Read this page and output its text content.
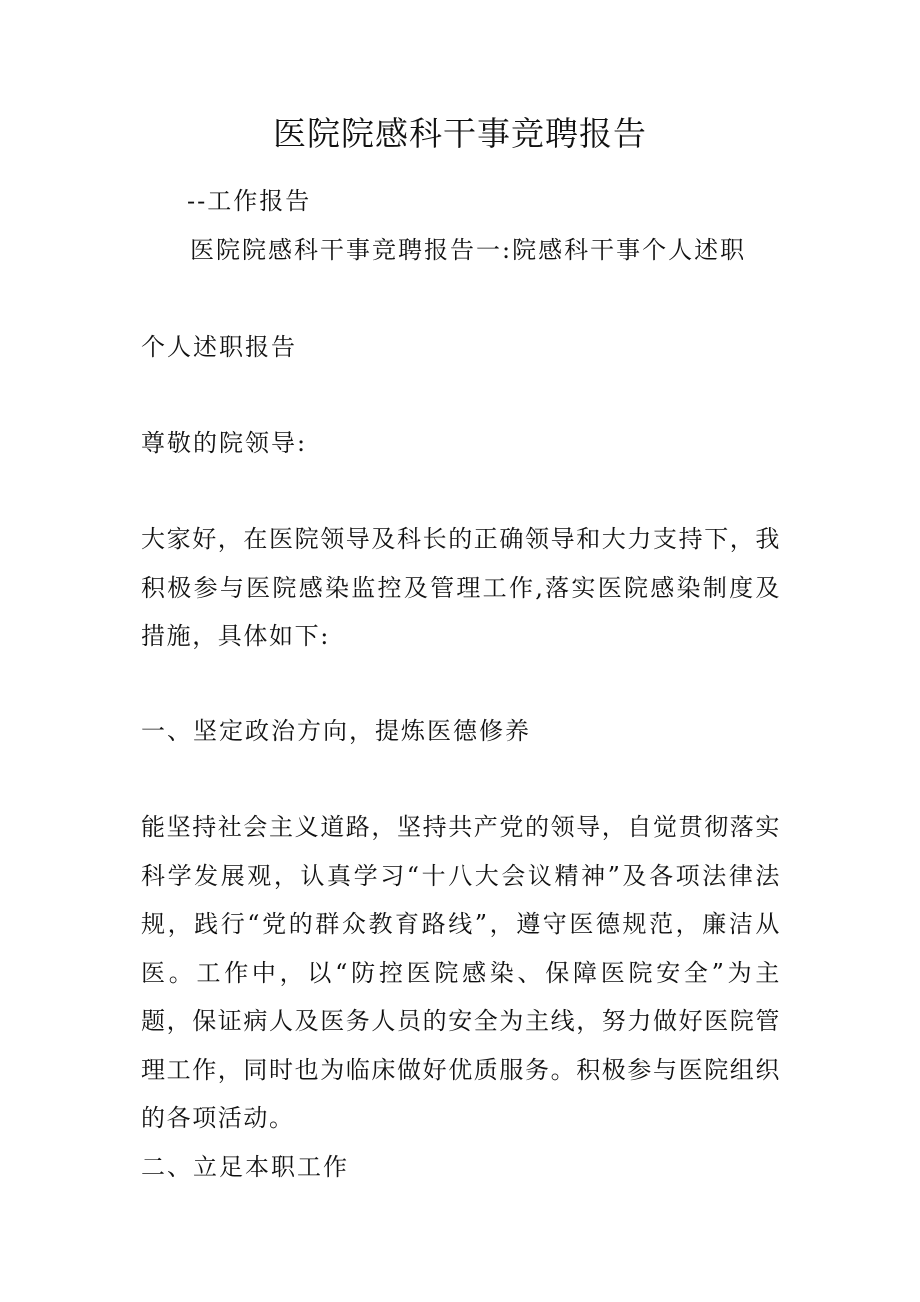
医院院感科干事竞聘报告

--工作报告

医院院感科干事竞聘报告一:院感科干事个人述职

个人述职报告

尊敬的院领导:

大家好，在医院领导及科长的正确领导和大力支持下，我积极参与医院感染监控及管理工作,落实医院感染制度及措施，具体如下:

一、坚定政治方向，提炼医德修养

能坚持社会主义道路，坚持共产党的领导，自觉贯彻落实科学发展观，认真学习“十八大会议精神”及各项法律法规，践行“党的群众教育路线”，遵守医德规范，廉洁从医。工作中，以“防控医院感染、保障医院安全”为主题，保证病人及医务人员的安全为主线，努力做好医院管理工作，同时也为临床做好优质服务。积极参与医院组织的各项活动。

二、立足本职工作
